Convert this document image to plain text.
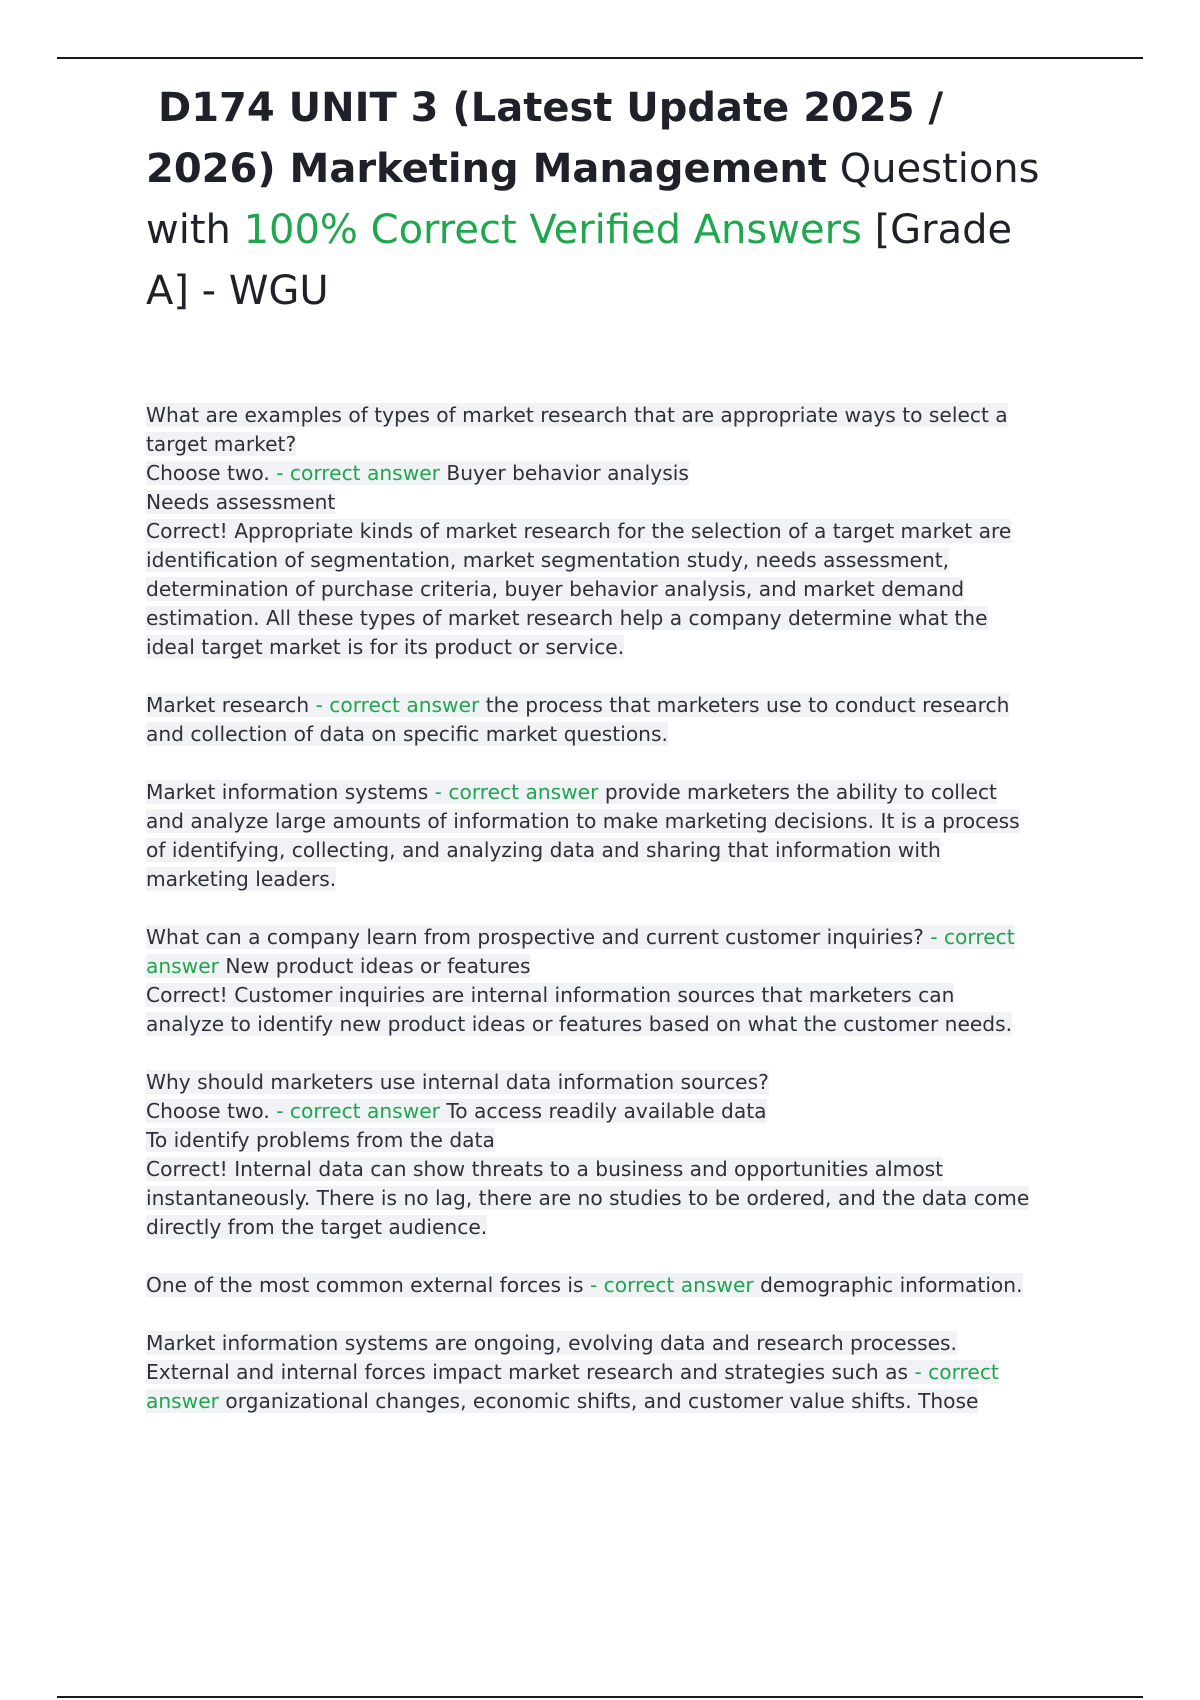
D174 UNIT 3 (Latest Update 2025 /
2026) Marketing Management Questions
with 100% Correct Verified Answers [Grade
A] - WGU
What are examples of types of market research that are appropriate ways to select a
target market?
Choose two. - correct answer Buyer behavior analysis
Needs assessment
Correct! Appropriate kinds of market research for the selection of a target market are
identification of segmentation, market segmentation study, needs assessment,
determination of purchase criteria, buyer behavior analysis, and market demand
estimation. All these types of market research help a company determine what the
ideal target market is for its product or service.
Market research - correct answer the process that marketers use to conduct research
and collection of data on specific market questions.
Market information systems - correct answer provide marketers the ability to collect
and analyze large amounts of information to make marketing decisions. It is a process
of identifying, collecting, and analyzing data and sharing that information with
marketing leaders.
What can a company learn from prospective and current customer inquiries? - correct
answer New product ideas or features
Correct! Customer inquiries are internal information sources that marketers can
analyze to identify new product ideas or features based on what the customer needs.
Why should marketers use internal data information sources?
Choose two. - correct answer To access readily available data
To identify problems from the data
Correct! Internal data can show threats to a business and opportunities almost
instantaneously. There is no lag, there are no studies to be ordered, and the data come
directly from the target audience.
One of the most common external forces is - correct answer demographic information.
Market information systems are ongoing, evolving data and research processes.
External and internal forces impact market research and strategies such as - correct
answer organizational changes, economic shifts, and customer value shifts. Those
